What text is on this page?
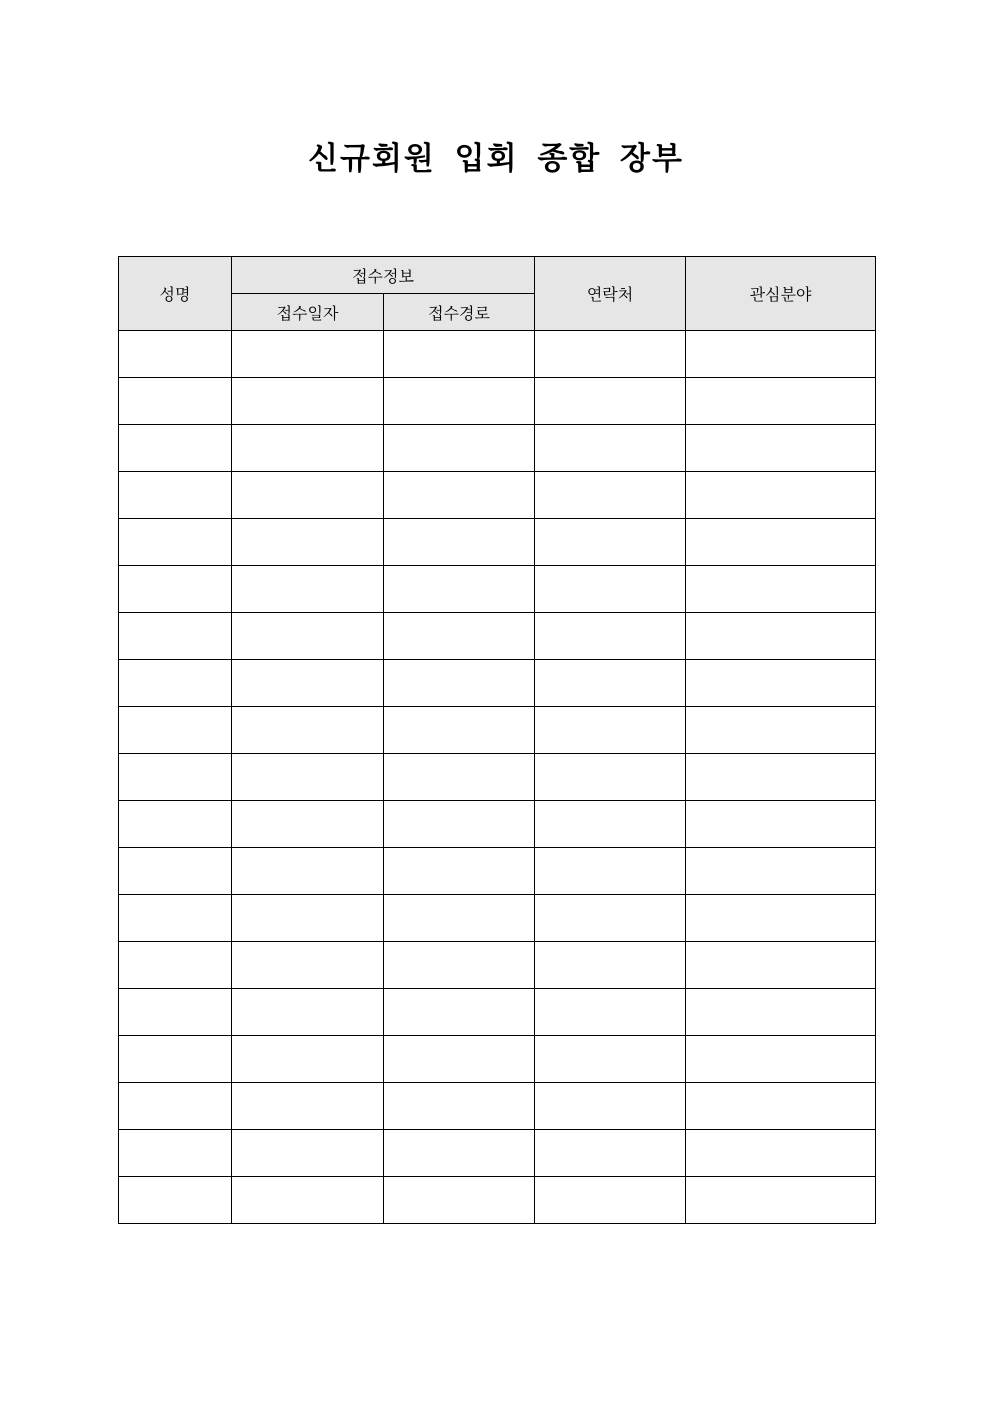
신규회원 입회 종합 장부
성명	접수정보		연락처	관심분야
	접수일자	접수경로		
